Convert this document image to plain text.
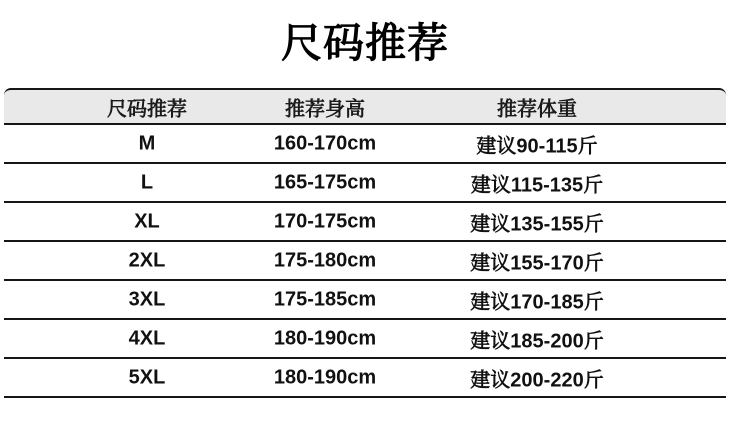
尺码推荐
尺码推荐	推荐身高	推荐体重
M	160-170cm	建议90-115斤
L	165-175cm	建议115-135斤
XL	170-175cm	建议135-155斤
2XL	175-180cm	建议155-170斤
3XL	175-185cm	建议170-185斤
4XL	180-190cm	建议185-200斤
5XL	180-190cm	建议200-220斤
